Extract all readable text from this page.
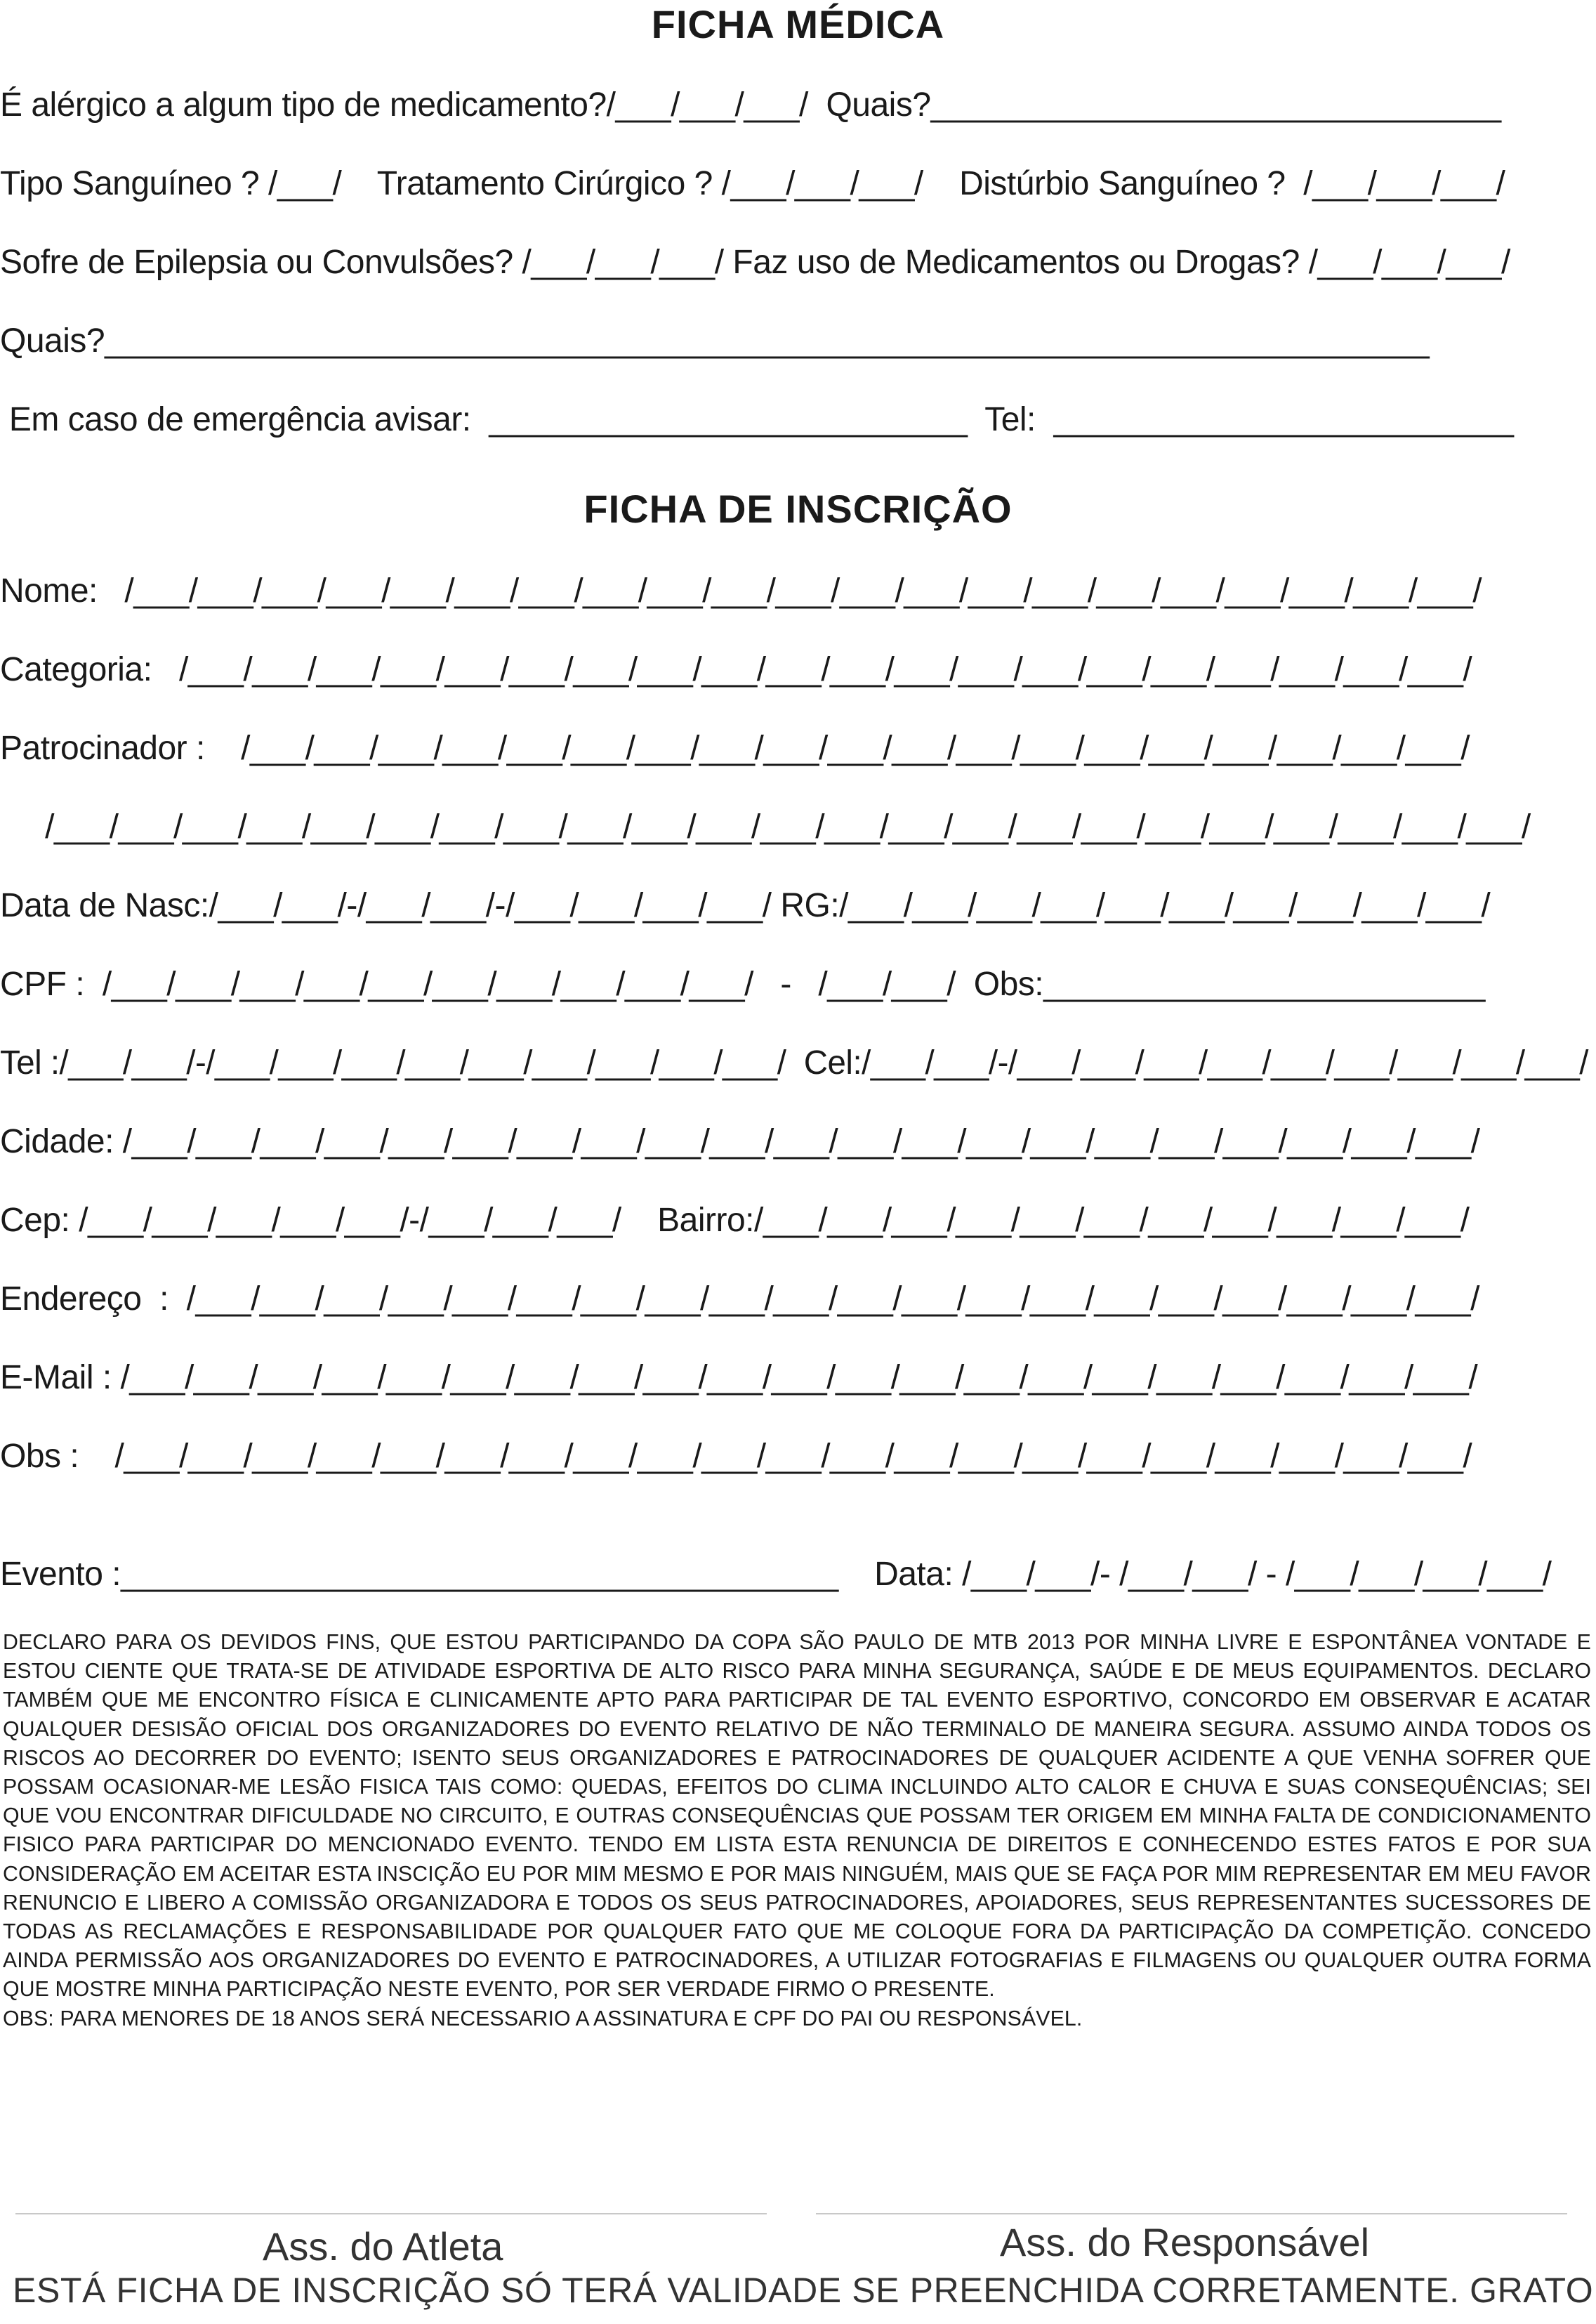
FICHA MÉDICA
É alérgico a algum tipo de medicamento?/___/___/___/  Quais?_______________________________
Tipo Sanguíneo ? /___/    Tratamento Cirúrgico ? /___/___/___/    Distúrbio Sanguíneo ?  /___/___/___/
Sofre de Epilepsia ou Convulsões? /___/___/___/ Faz uso de Medicamentos ou Drogas? /___/___/___/
Quais?________________________________________________________________________
Em caso de emergência avisar:  __________________________  Tel:  _________________________
FICHA DE INSCRIÇÃO
Nome:   /___/___/___/___/___/___/___/___/___/___/___/___/___/___/___/___/___/___/___/___/___/
Categoria:   /___/___/___/___/___/___/___/___/___/___/___/___/___/___/___/___/___/___/___/___/
Patrocinador :    /___/___/___/___/___/___/___/___/___/___/___/___/___/___/___/___/___/___/___/
/___/___/___/___/___/___/___/___/___/___/___/___/___/___/___/___/___/___/___/___/___/___/___/
Data de Nasc:/___/___/-/___/___/-/___/___/___/___/ RG:/___/___/___/___/___/___/___/___/___/___/
CPF :  /___/___/___/___/___/___/___/___/___/___/   -   /___/___/  Obs:________________________
Tel :/___/___/-/___/___/___/___/___/___/___/___/___/  Cel:/___/___/-/___/___/___/___/___/___/___/___/___/
Cidade: /___/___/___/___/___/___/___/___/___/___/___/___/___/___/___/___/___/___/___/___/___/
Cep: /___/___/___/___/___/-/___/___/___/    Bairro:/___/___/___/___/___/___/___/___/___/___/___/
Endereço  :  /___/___/___/___/___/___/___/___/___/___/___/___/___/___/___/___/___/___/___/___/
E-Mail : /___/___/___/___/___/___/___/___/___/___/___/___/___/___/___/___/___/___/___/___/___/
Obs :    /___/___/___/___/___/___/___/___/___/___/___/___/___/___/___/___/___/___/___/___/___/
Evento :_______________________________________    Data: /___/___/- /___/___/ - /___/___/___/___/

DECLARO PARA OS DEVIDOS FINS, QUE ESTOU PARTICIPANDO DA COPA SÃO PAULO DE MTB 2013 POR MINHA LIVRE E ESPONTÂNEA VONTADE E ESTOU CIENTE QUE TRATA-SE DE ATIVIDADE ESPORTIVA DE ALTO RISCO PARA MINHA SEGURANÇA, SAÚDE E DE MEUS EQUIPAMENTOS. DECLARO TAMBÉM QUE ME ENCONTRO FÍSICA E CLINICAMENTE APTO PARA PARTICIPAR DE TAL EVENTO ESPORTIVO, CONCORDO EM OBSERVAR E ACATAR QUALQUER DESISÃO OFICIAL DOS ORGANIZADORES DO EVENTO RELATIVO DE NÃO TERMINALO DE MANEIRA SEGURA. ASSUMO AINDA TODOS OS RISCOS AO DECORRER DO EVENTO; ISENTO SEUS ORGANIZADORES E PATROCINADORES DE QUALQUER ACIDENTE A QUE VENHA SOFRER QUE POSSAM OCASIONAR-ME LESÃO FISICA TAIS COMO: QUEDAS, EFEITOS DO CLIMA INCLUINDO ALTO CALOR E CHUVA E SUAS CONSEQUÊNCIAS; SEI QUE VOU ENCONTRAR DIFICULDADE NO CIRCUITO, E OUTRAS CONSEQUÊNCIAS QUE POSSAM TER ORIGEM EM MINHA FALTA DE CONDICIONAMENTO FISICO PARA PARTICIPAR DO MENCIONADO EVENTO. TENDO EM LISTA ESTA RENUNCIA DE DIREITOS E CONHECENDO ESTES FATOS E POR SUA CONSIDERAÇÃO EM ACEITAR ESTA INSCIÇÃO EU POR MIM MESMO E POR MAIS NINGUÉM, MAIS QUE SE FAÇA POR MIM REPRESENTAR EM MEU FAVOR RENUNCIO E LIBERO A COMISSÃO ORGANIZADORA E TODOS OS SEUS PATROCINADORES, APOIADORES, SEUS REPRESENTANTES SUCESSORES DE TODAS AS RECLAMAÇÕES E RESPONSABILIDADE POR QUALQUER FATO QUE ME COLOQUE FORA DA PARTICIPAÇÃO DA COMPETIÇÃO. CONCEDO AINDA PERMISSÃO AOS ORGANIZADORES DO EVENTO E PATROCINADORES, A UTILIZAR FOTOGRAFIAS E FILMAGENS OU QUALQUER OUTRA FORMA QUE MOSTRE MINHA PARTICIPAÇÃO NESTE EVENTO, POR SER VERDADE FIRMO O PRESENTE.

OBS: PARA MENORES DE 18 ANOS SERÁ NECESSARIO A ASSINATURA E CPF DO PAI OU RESPONSÁVEL.

Ass. do Atleta	Ass. do Responsável
ESTÁ FICHA DE INSCRIÇÃO SÓ TERÁ VALIDADE SE PREENCHIDA CORRETAMENTE. GRATO
